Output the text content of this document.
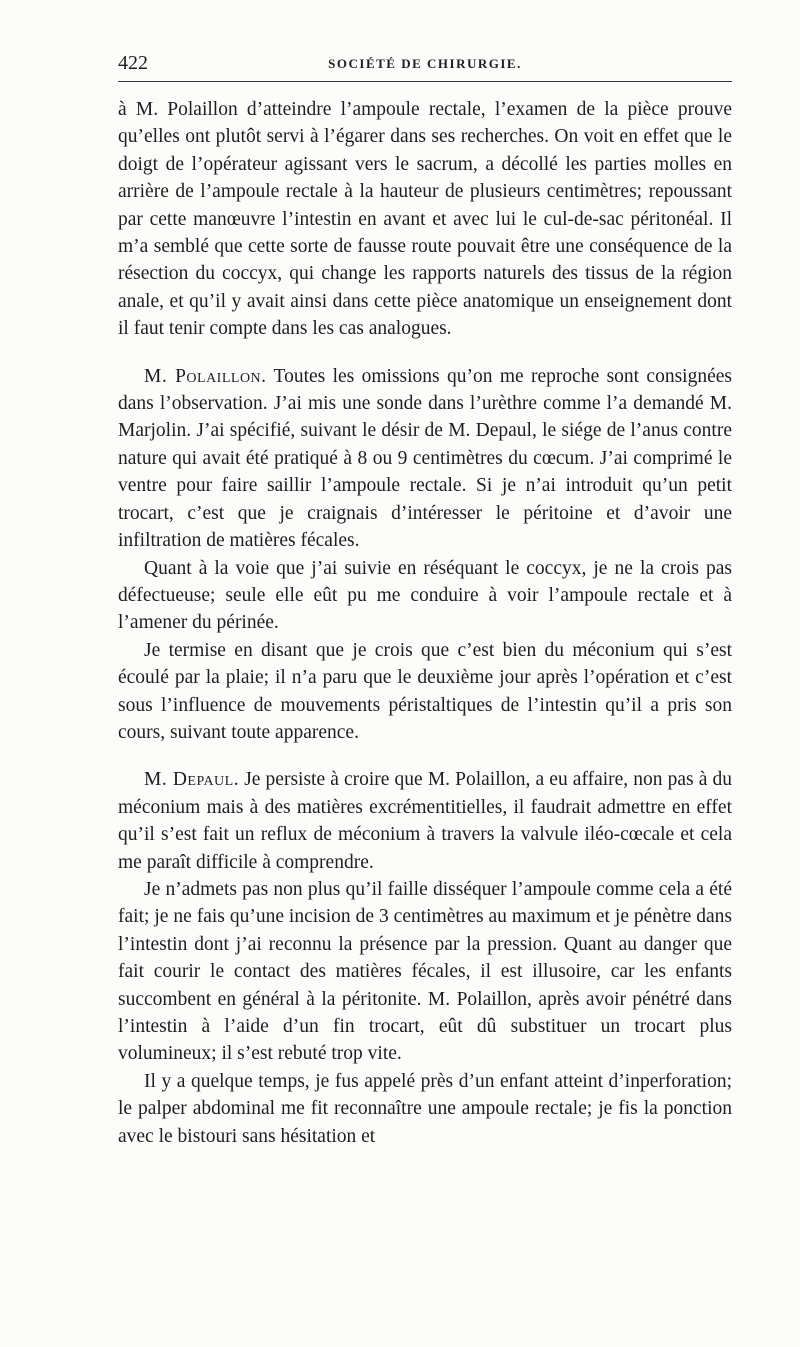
422	SOCIÉTÉ DE CHIRURGIE.

à M. Polaillon d’atteindre l’ampoule rectale, l’examen de la pièce prouve qu’elles ont plutôt servi à l’égarer dans ses recherches. On voit en effet que le doigt de l’opérateur agissant vers le sacrum, a décollé les parties molles en arrière de l’ampoule rectale à la hauteur de plusieurs centimètres; repoussant par cette manœuvre l’intestin en avant et avec lui le cul-de-sac péritonéal. Il m’a semblé que cette sorte de fausse route pouvait être une conséquence de la résection du coccyx, qui change les rapports naturels des tissus de la région anale, et qu’il y avait ainsi dans cette pièce anatomique un enseignement dont il faut tenir compte dans les cas analogues.

M. Polaillon. Toutes les omissions qu’on me reproche sont consignées dans l’observation. J’ai mis une sonde dans l’urèthre comme l’a demandé M. Marjolin. J’ai spécifié, suivant le désir de M. Depaul, le siége de l’anus contre nature qui avait été pratiqué à 8 ou 9 centimètres du cœcum. J’ai comprimé le ventre pour faire saillir l’ampoule rectale. Si je n’ai introduit qu’un petit trocart, c’est que je craignais d’intéresser le péritoine et d’avoir une infiltration de matières fécales.

Quant à la voie que j’ai suivie en réséquant le coccyx, je ne la crois pas défectueuse; seule elle eût pu me conduire à voir l’ampoule rectale et à l’amener du périnée.

Je termise en disant que je crois que c’est bien du méconium qui s’est écoulé par la plaie; il n’a paru que le deuxième jour après l’opération et c’est sous l’influence de mouvements péristaltiques de l’intestin qu’il a pris son cours, suivant toute apparence.

M. Depaul. Je persiste à croire que M. Polaillon, a eu affaire, non pas à du méconium mais à des matières excrémentitielles, il faudrait admettre en effet qu’il s’est fait un reflux de méconium à travers la valvule iléo-cœcale et cela me paraît difficile à comprendre.

Je n’admets pas non plus qu’il faille disséquer l’ampoule comme cela a été fait; je ne fais qu’une incision de 3 centimètres au maximum et je pénètre dans l’intestin dont j’ai reconnu la présence par la pression. Quant au danger que fait courir le contact des matières fécales, il est illusoire, car les enfants succombent en général à la péritonite. M. Polaillon, après avoir pénétré dans l’intestin à l’aide d’un fin trocart, eût dû substituer un trocart plus volumineux; il s’est rebuté trop vite.

Il y a quelque temps, je fus appelé près d’un enfant atteint d’inperforation; le palper abdominal me fit reconnaître une ampoule rectale; je fis la ponction avec le bistouri sans hésitation et
